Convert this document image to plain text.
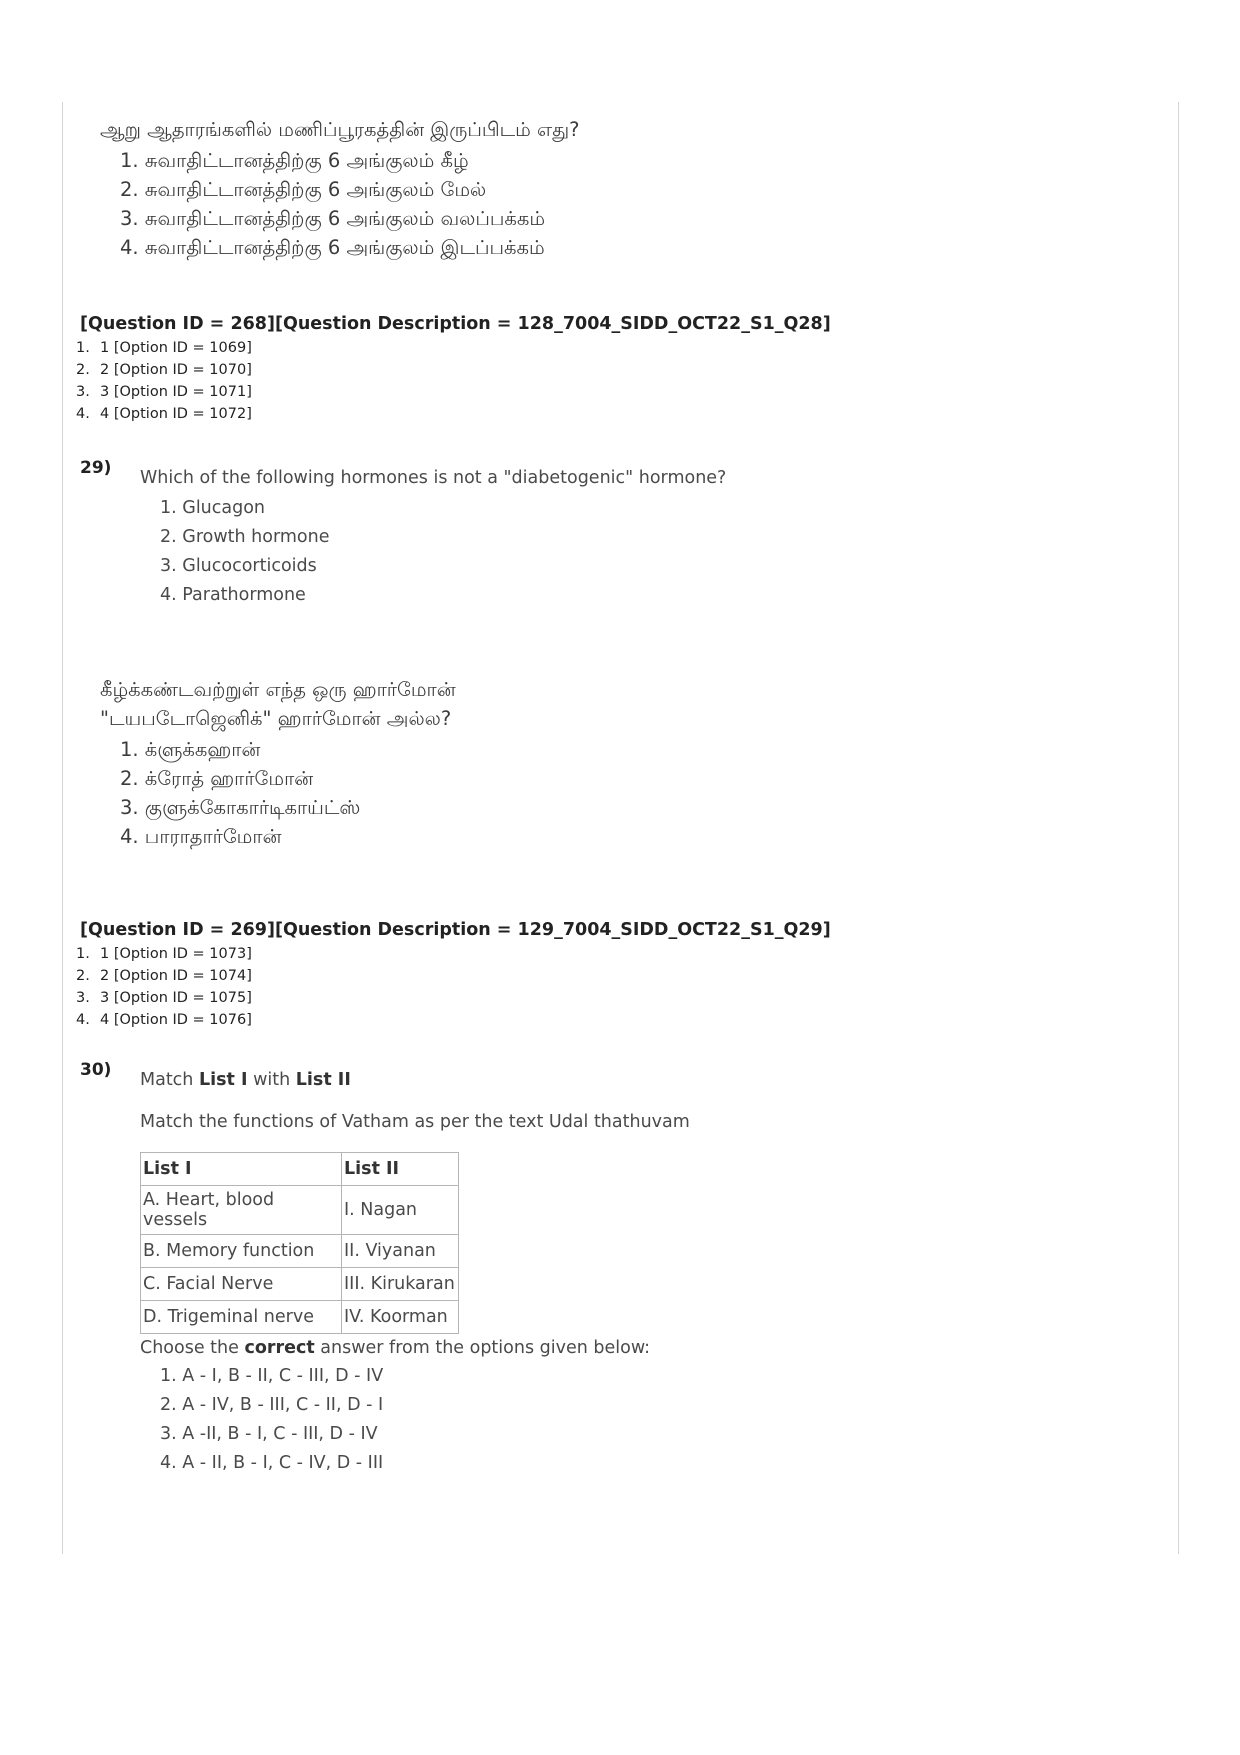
ஆறு ஆதாரங்களில் மணிப்பூரகத்தின் இருப்பிடம் எது?
1. சுவாதிட்டானத்திற்கு 6 அங்குலம் கீழ்
2. சுவாதிட்டானத்திற்கு 6 அங்குலம் மேல்
3. சுவாதிட்டானத்திற்கு 6 அங்குலம் வலப்பக்கம்
4. சுவாதிட்டானத்திற்கு 6 அங்குலம் இடப்பக்கம்
[Question ID = 268][Question Description = 128_7004_SIDD_OCT22_S1_Q28]
1. 1 [Option ID = 1069]
2. 2 [Option ID = 1070]
3. 3 [Option ID = 1071]
4. 4 [Option ID = 1072]
29) Which of the following hormones is not a "diabetogenic" hormone?
1. Glucagon
2. Growth hormone
3. Glucocorticoids
4. Parathormone
கீழ்க்கண்டவற்றுள் எந்த ஒரு ஹார்மோன்
"டயபடோஜெனிக்" ஹார்மோன் அல்ல?
1. க்ளுக்கஹான்
2. க்ரோத் ஹார்மோன்
3. குளுக்கோகார்டிகாய்ட்ஸ்
4. பாராதார்மோன்
[Question ID = 269][Question Description = 129_7004_SIDD_OCT22_S1_Q29]
1. 1 [Option ID = 1073]
2. 2 [Option ID = 1074]
3. 3 [Option ID = 1075]
4. 4 [Option ID = 1076]
30) Match List I with List II
Match the functions of Vatham as per the text Udal thathuvam
List I	List II
A. Heart, blood vessels	I. Nagan
B. Memory function	II. Viyanan
C. Facial Nerve	III. Kirukaran
D. Trigeminal nerve	IV. Koorman
Choose the correct answer from the options given below:
1. A - I, B - II, C - III, D - IV
2. A - IV, B - III, C - II, D - I
3. A -II, B - I, C - III, D - IV
4. A - II, B - I, C - IV, D - III
